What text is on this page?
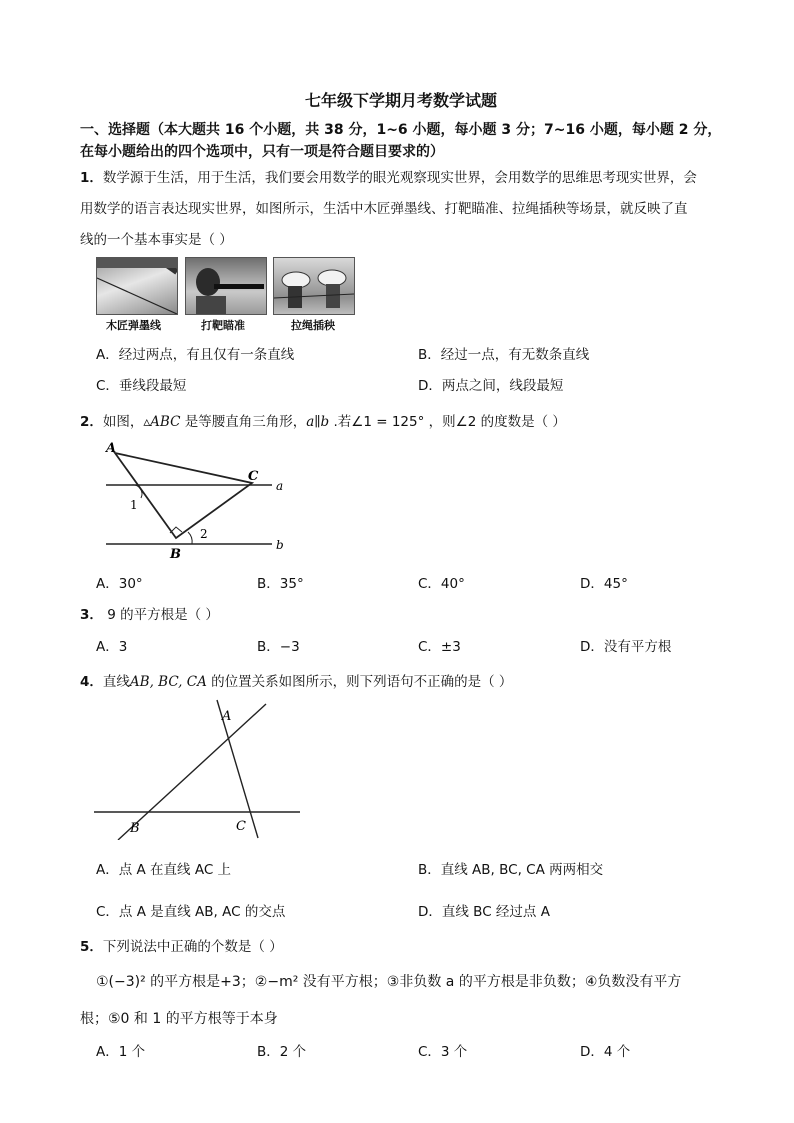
七年级下学期月考数学试题
一、选择题（本大题共 16 个小题，共 38 分，1~6 小题，每小题 3 分；7~16 小题，每小题 2 分，
在每小题给出的四个选项中，只有一项是符合题目要求的）
1．数学源于生活，用于生活，我们要会用数学的眼光观察现实世界，会用数学的思维思考现实世界，会
用数学的语言表达现实世界，如图所示，生活中木匠弹墨线、打靶瞄准、拉绳插秧等场景，就反映了直
线的一个基本事实是（ ）
木匠弹墨线	打靶瞄准	拉绳插秧
A．经过两点，有且仅有一条直线	B．经过一点，有无数条直线
C．垂线段最短	D．两点之间，线段最短
2．如图，▵ABC 是等腰直角三角形，a∥b .若∠1 = 125° ，则∠2 的度数是（ ）
A
C
B
a
b
1
2
A．30°	B．35°	C．40°	D．45°
3． 9 的平方根是（ ）
A．3	B．−3	C．±3	D．没有平方根
4．直线AB, BC, CA 的位置关系如图所示，则下列语句不正确的是（ ）
A
B	C
A．点 A 在直线 AC 上	B．直线 AB, BC, CA 两两相交
C．点 A 是直线 AB, AC 的交点	D．直线 BC 经过点 A
5．下列说法中正确的个数是（ ）
①(−3)² 的平方根是+3；②−m² 没有平方根；③非负数 a 的平方根是非负数；④负数没有平方
根；⑤0 和 1 的平方根等于本身
A．1 个	B．2 个	C．3 个	D．4 个
